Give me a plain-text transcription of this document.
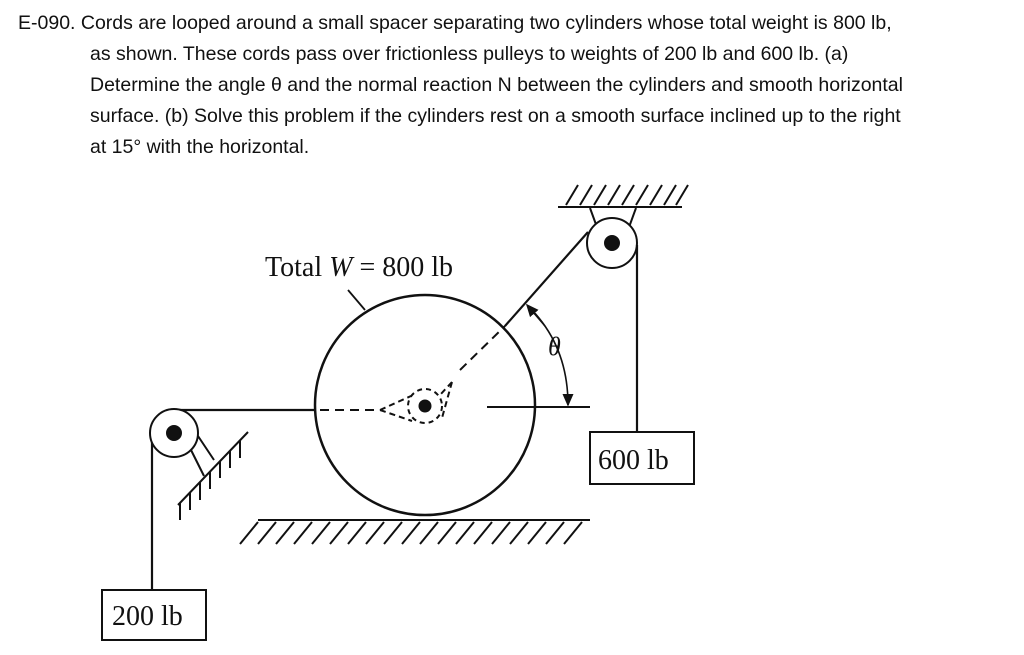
E-090. Cords are looped around a small spacer separating two cylinders whose total weight is 800 lb,
as shown. These cords pass over frictionless pulleys to weights of 200 lb and 600 lb. (a)
Determine the angle θ and the normal reaction N between the cylinders and smooth horizontal
surface. (b) Solve this problem if the cylinders rest on a smooth surface inclined up to the right
at 15° with the horizontal.
Total W = 800 lb
θ
600 lb
200 lb
